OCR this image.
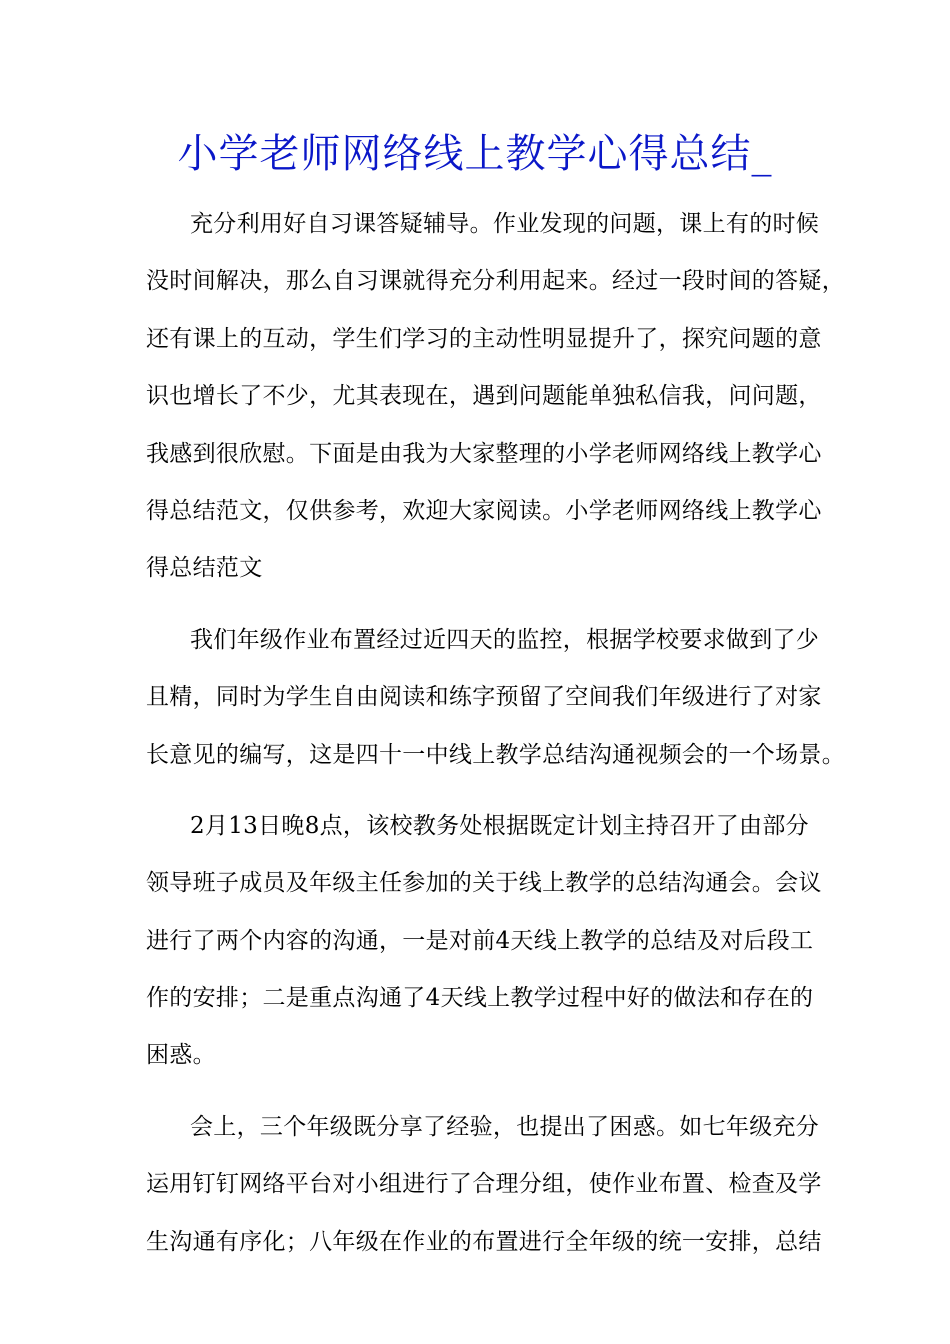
小学老师网络线上教学心得总结_
充分利用好自习课答疑辅导。作业发现的问题，课上有的时候
没时间解决，那么自习课就得充分利用起来。经过一段时间的答疑，
还有课上的互动，学生们学习的主动性明显提升了，探究问题的意
识也增长了不少，尤其表现在，遇到问题能单独私信我，问问题，
我感到很欣慰。下面是由我为大家整理的小学老师网络线上教学心
得总结范文，仅供参考，欢迎大家阅读。小学老师网络线上教学心
得总结范文
我们年级作业布置经过近四天的监控，根据学校要求做到了少
且精，同时为学生自由阅读和练字预留了空间我们年级进行了对家
长意见的编写，这是四十一中线上教学总结沟通视频会的一个场景。
2月13日晚8点，该校教务处根据既定计划主持召开了由部分
领导班子成员及年级主任参加的关于线上教学的总结沟通会。会议
进行了两个内容的沟通，一是对前4天线上教学的总结及对后段工
作的安排；二是重点沟通了4天线上教学过程中好的做法和存在的
困惑。
会上，三个年级既分享了经验，也提出了困惑。如七年级充分
运用钉钉网络平台对小组进行了合理分组，使作业布置、检查及学
生沟通有序化；八年级在作业的布置进行全年级的统一安排，总结
